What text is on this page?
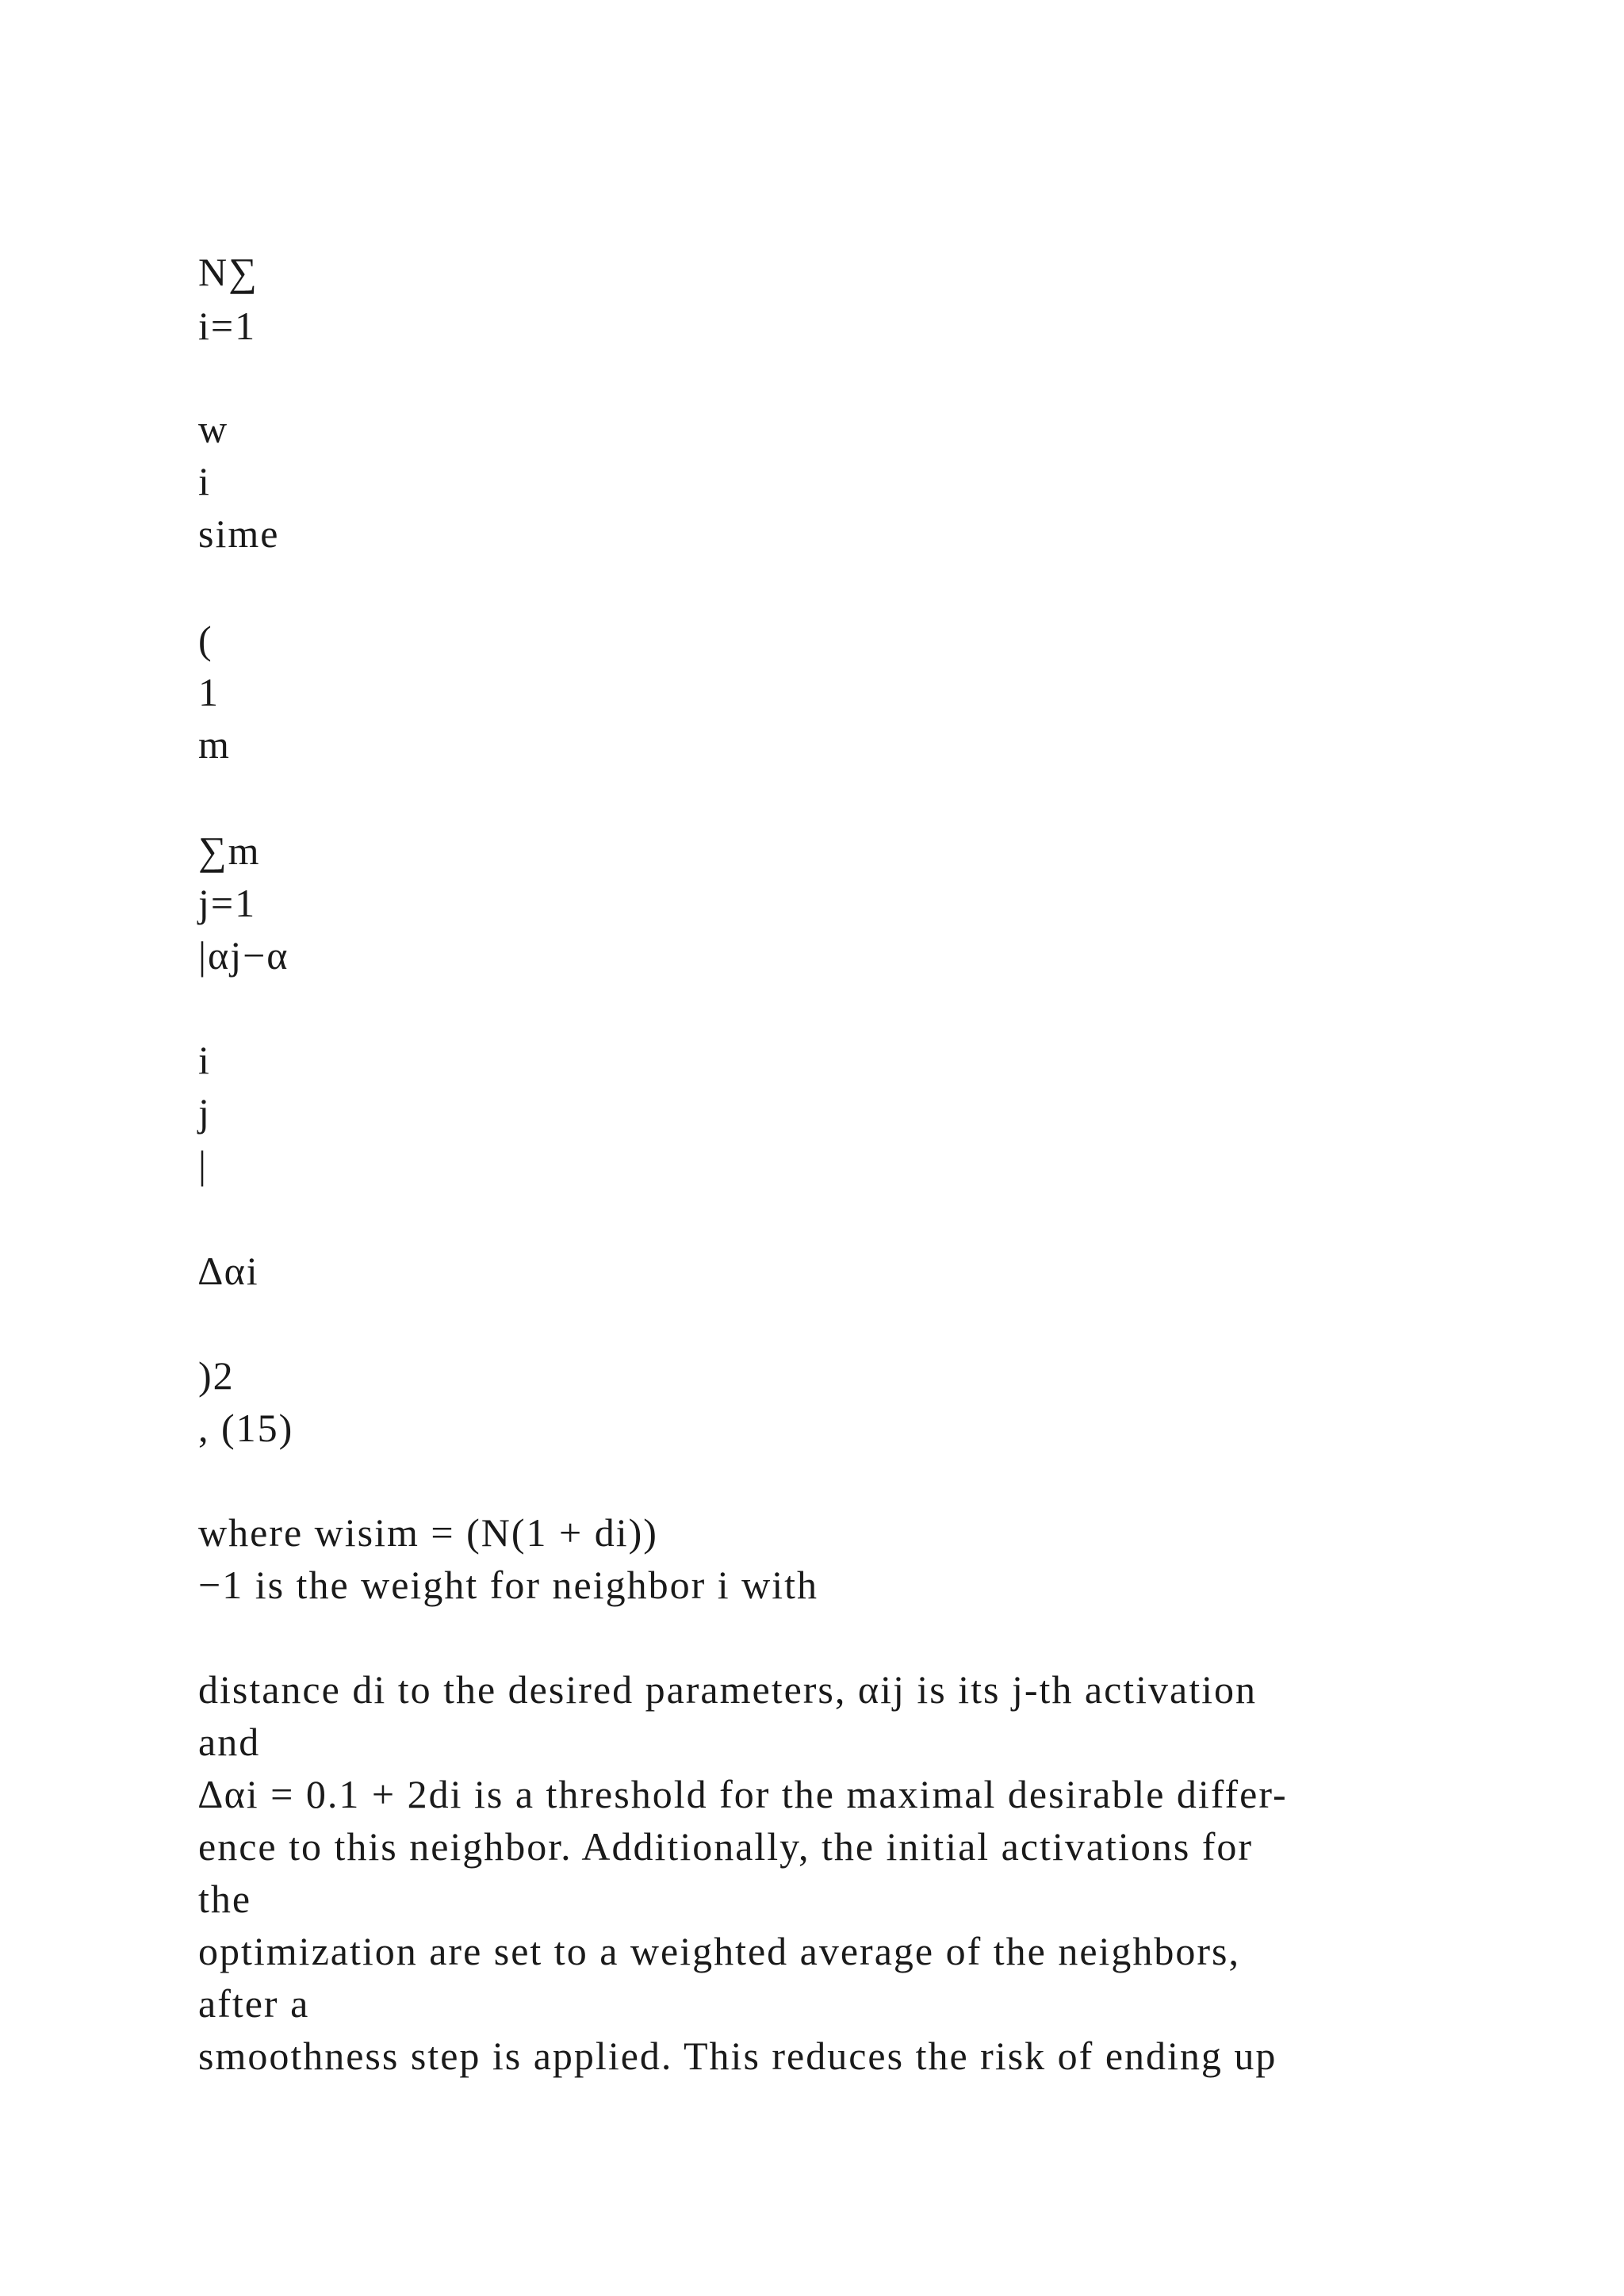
N∑
i=1
w
i
sime
(
1
m
∑m
j=1
|αj−α
i
j
|
∆αi
)2
, (15)
where wisim = (N(1 + di))
−1 is the weight for neighbor i with
distance di to the desired parameters, αij is its j-th activation
and
∆αi = 0.1 + 2di is a threshold for the maximal desirable differ-
ence to this neighbor. Additionally, the initial activations for
the
optimization are set to a weighted average of the neighbors,
after a
smoothness step is applied. This reduces the risk of ending up
